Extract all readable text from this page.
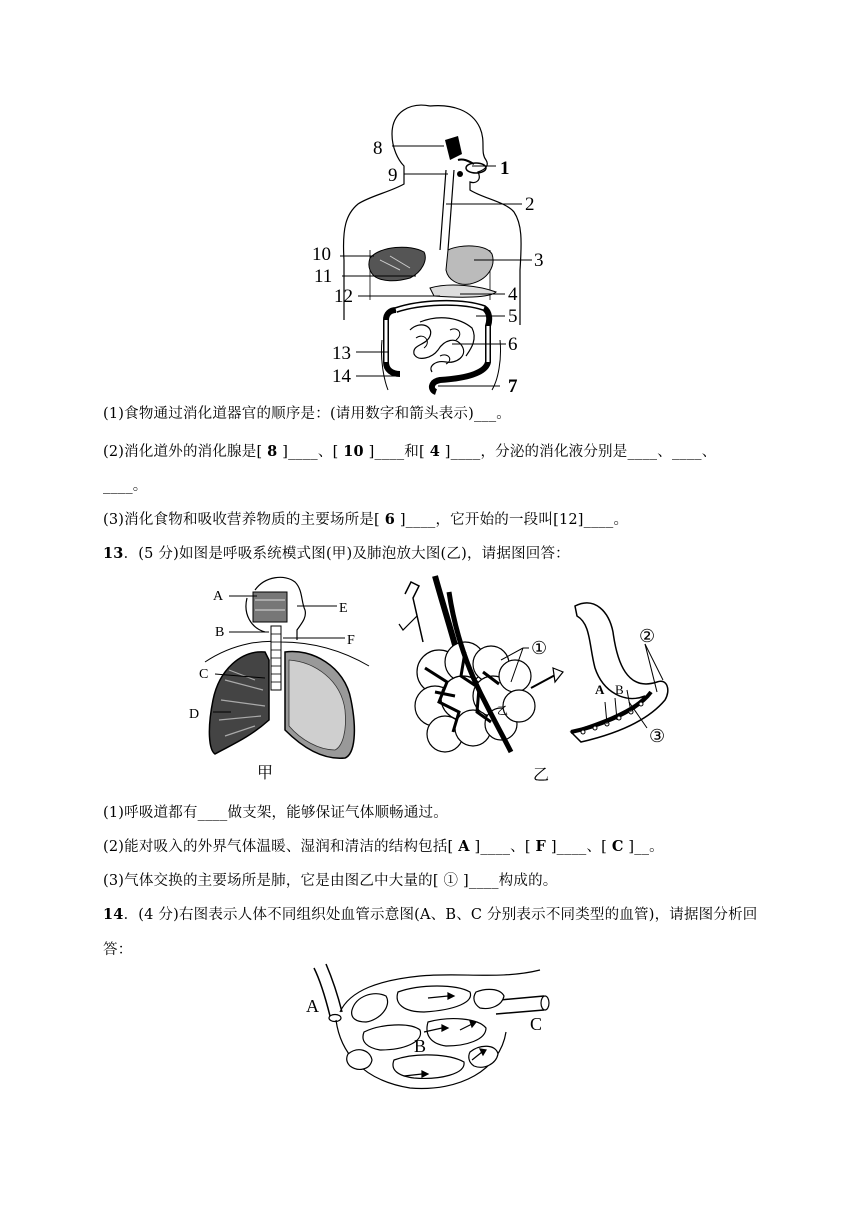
8
9	1
2
10	3
11
12	4
5
6
13
14	7
(1)食物通过消化道器官的顺序是：(请用数字和箭头表示)___。
(2)消化道外的消化腺是[ 8 ]____、[ 10 ]____和[ 4 ]____，分泌的消化液分别是____、____、
____。
(3)消化食物和吸收营养物质的主要场所是[ 6 ]____，它开始的一段叫[12]____。
13．(5 分)如图是呼吸系统模式图(甲)及肺泡放大图(乙)，请据图回答：
A
E
B
F
C
D
甲
①
乙
A B
②
③
乙
(1)呼吸道都有____做支架，能够保证气体顺畅通过。
(2)能对吸入的外界气体温暖、湿润和清洁的结构包括[ A ]____、[ F ]____、[ C ]__。
(3)气体交换的主要场所是肺，它是由图乙中大量的[ ① ]____构成的。
14．(4 分)右图表示人体不同组织处血管示意图(A、B、C 分别表示不同类型的血管)，请据图分析回
答：
A
B
C
